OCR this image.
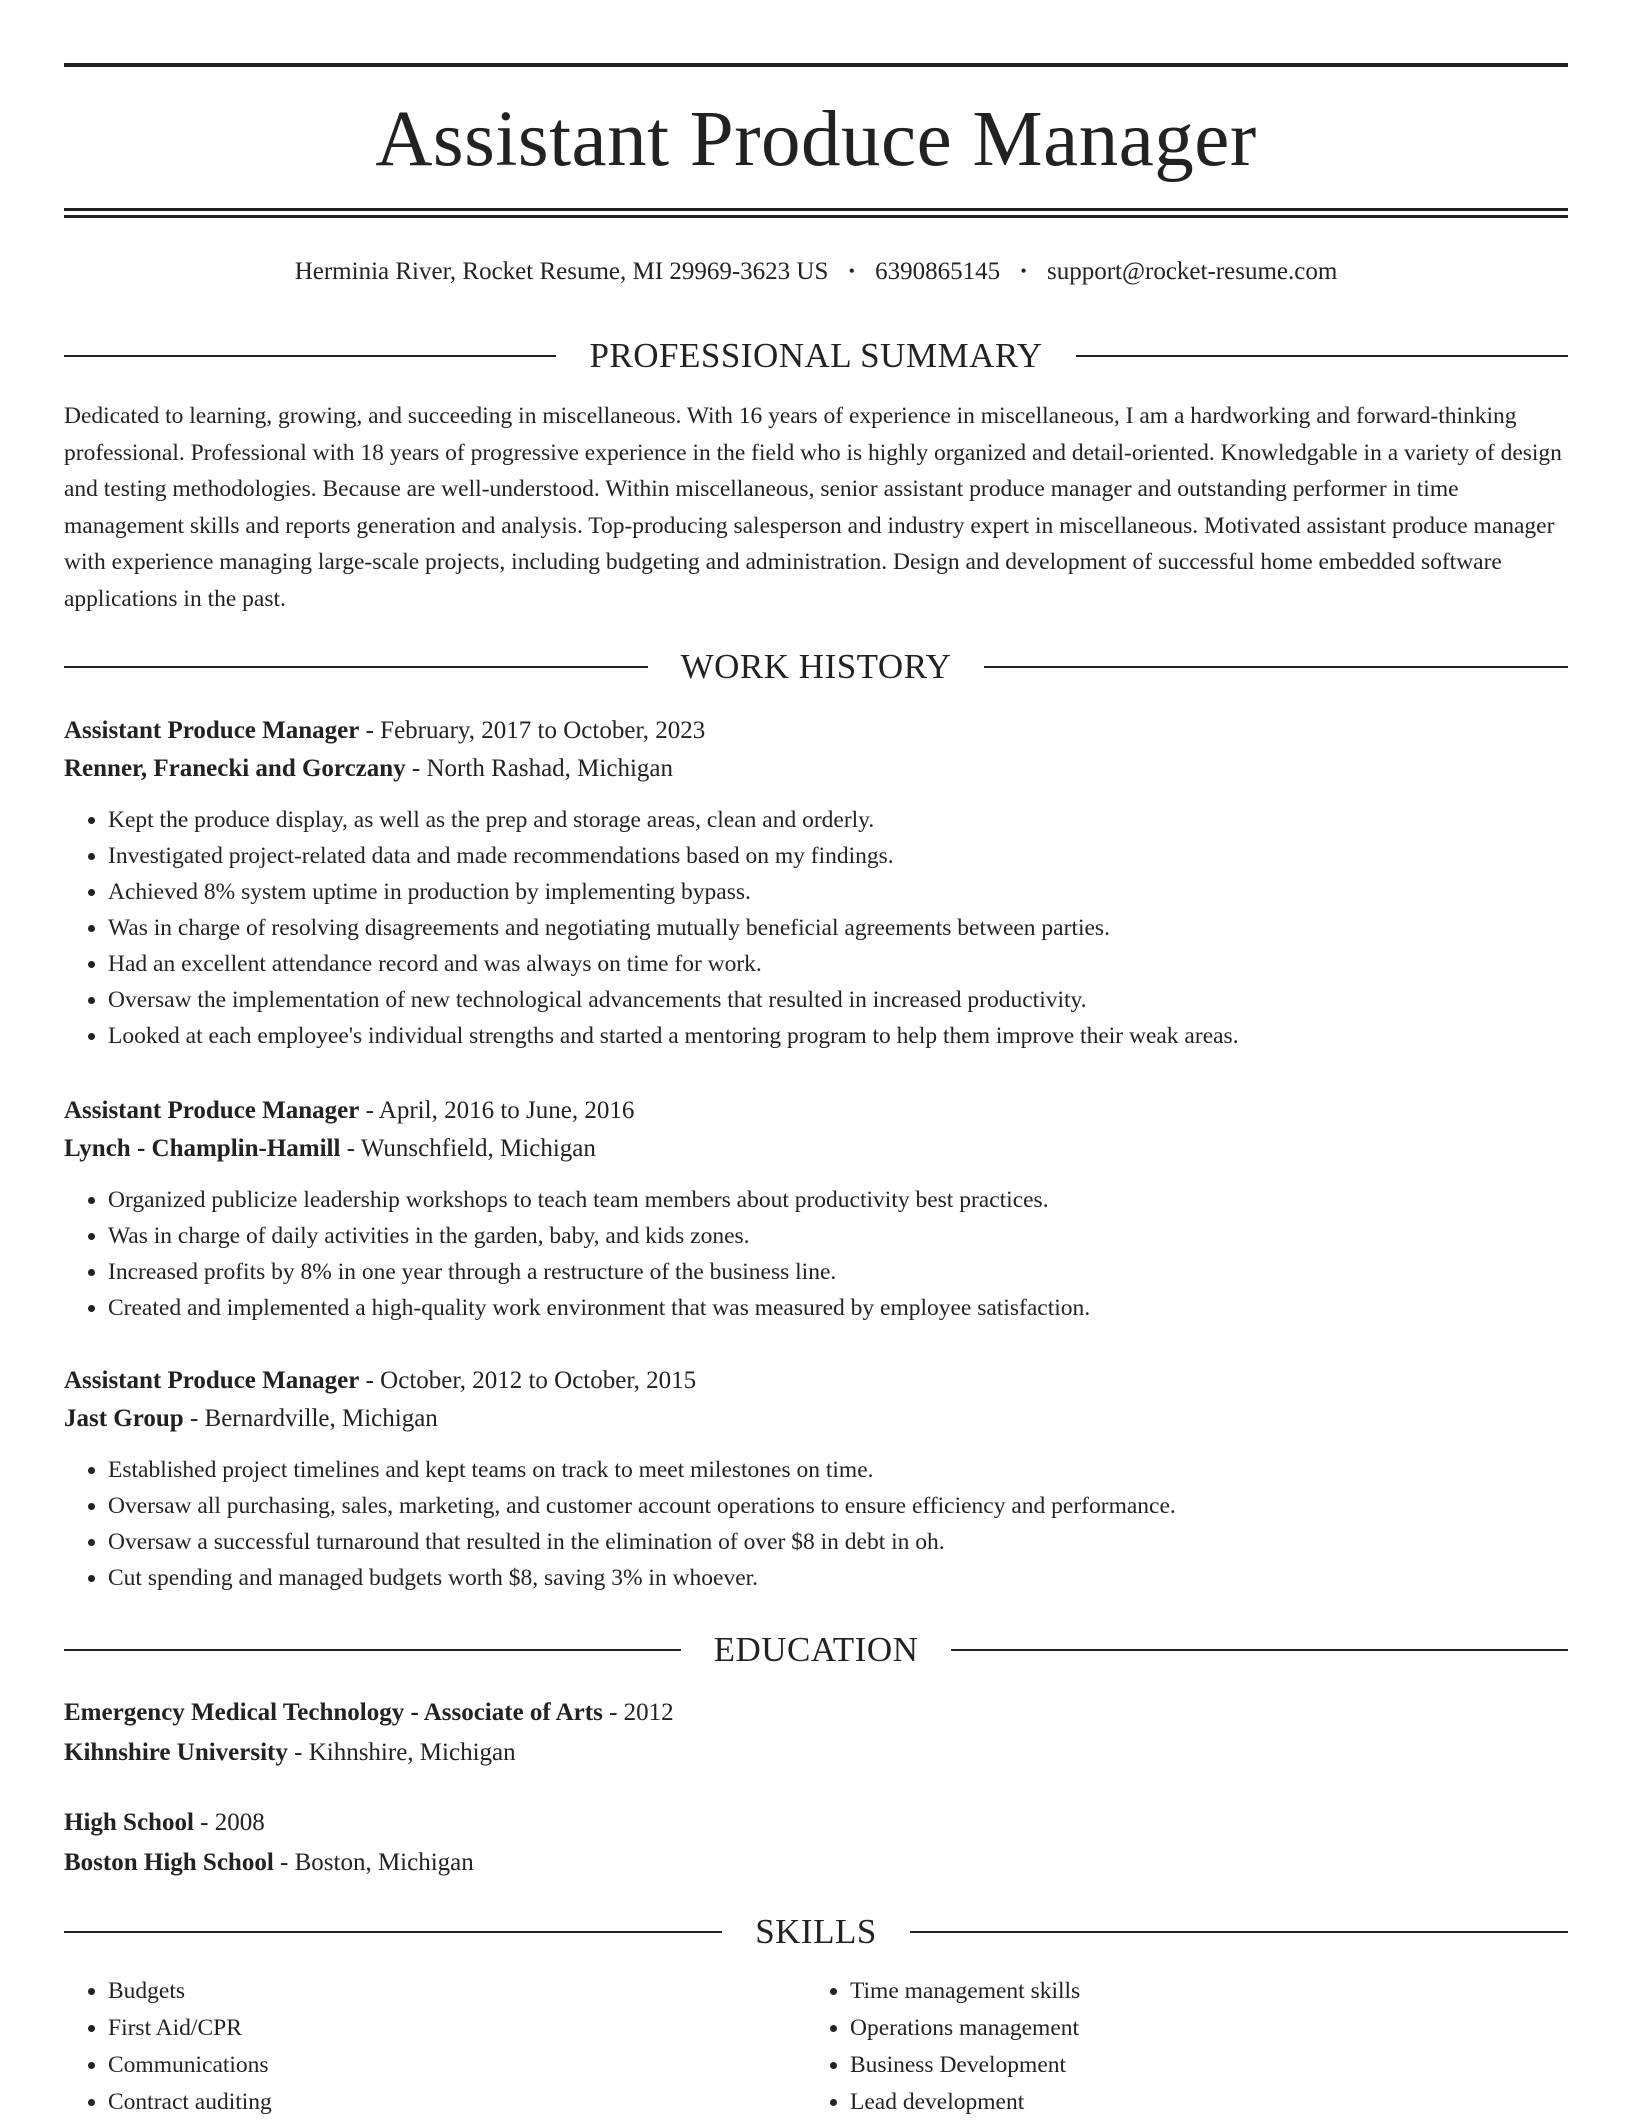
Assistant Produce Manager
Herminia River, Rocket Resume, MI 29969-3623 US • 6390865145 • support@rocket-resume.com
PROFESSIONAL SUMMARY
Dedicated to learning, growing, and succeeding in miscellaneous. With 16 years of experience in miscellaneous, I am a hardworking and forward-thinking professional. Professional with 18 years of progressive experience in the field who is highly organized and detail-oriented. Knowledgable in a variety of design and testing methodologies. Because are well-understood. Within miscellaneous, senior assistant produce manager and outstanding performer in time management skills and reports generation and analysis. Top-producing salesperson and industry expert in miscellaneous. Motivated assistant produce manager with experience managing large-scale projects, including budgeting and administration. Design and development of successful home embedded software applications in the past.
WORK HISTORY
Assistant Produce Manager - February, 2017 to October, 2023
Renner, Franecki and Gorczany - North Rashad, Michigan
• Kept the produce display, as well as the prep and storage areas, clean and orderly.
• Investigated project-related data and made recommendations based on my findings.
• Achieved 8% system uptime in production by implementing bypass.
• Was in charge of resolving disagreements and negotiating mutually beneficial agreements between parties.
• Had an excellent attendance record and was always on time for work.
• Oversaw the implementation of new technological advancements that resulted in increased productivity.
• Looked at each employee's individual strengths and started a mentoring program to help them improve their weak areas.
Assistant Produce Manager - April, 2016 to June, 2016
Lynch - Champlin-Hamill - Wunschfield, Michigan
• Organized publicize leadership workshops to teach team members about productivity best practices.
• Was in charge of daily activities in the garden, baby, and kids zones.
• Increased profits by 8% in one year through a restructure of the business line.
• Created and implemented a high-quality work environment that was measured by employee satisfaction.
Assistant Produce Manager - October, 2012 to October, 2015
Jast Group - Bernardville, Michigan
• Established project timelines and kept teams on track to meet milestones on time.
• Oversaw all purchasing, sales, marketing, and customer account operations to ensure efficiency and performance.
• Oversaw a successful turnaround that resulted in the elimination of over $8 in debt in oh.
• Cut spending and managed budgets worth $8, saving 3% in whoever.
EDUCATION
Emergency Medical Technology - Associate of Arts - 2012
Kihnshire University - Kihnshire, Michigan
High School - 2008
Boston High School - Boston, Michigan
SKILLS
• Budgets
• First Aid/CPR
• Communications
• Contract auditing
• Time management skills
• Operations management
• Business Development
• Lead development
